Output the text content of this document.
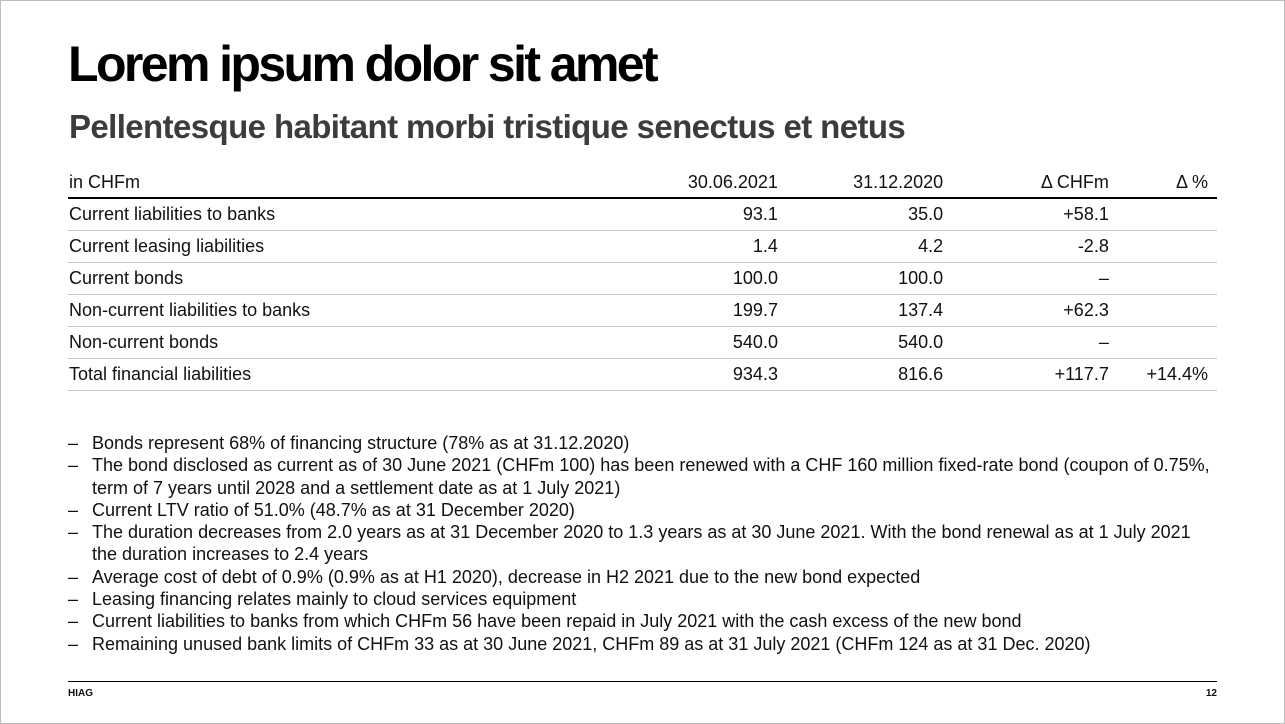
Lorem ipsum dolor sit amet
Pellentesque habitant morbi tristique senectus et netus
in CHFm	30.06.2021	31.12.2020	Δ CHFm	Δ %
Current liabilities to banks	93.1	35.0	+58.1	
Current leasing liabilities	1.4	4.2	-2.8	
Current bonds	100.0	100.0	–	
Non-current liabilities to banks	199.7	137.4	+62.3	
Non-current bonds	540.0	540.0	–	
Total financial liabilities	934.3	816.6	+117.7	+14.4%
– Bonds represent 68% of financing structure (78% as at 31.12.2020)
– The bond disclosed as current as of 30 June 2021 (CHFm 100) has been renewed with a CHF 160 million fixed-rate bond (coupon of 0.75%, term of 7 years until 2028 and a settlement date as at 1 July 2021)
– Current LTV ratio of 51.0% (48.7% as at 31 December 2020)
– The duration decreases from 2.0 years as at 31 December 2020 to 1.3 years as at 30 June 2021. With the bond renewal as at 1 July 2021 the duration increases to 2.4 years
– Average cost of debt of 0.9% (0.9% as at H1 2020), decrease in H2 2021 due to the new bond expected
– Leasing financing relates mainly to cloud services equipment
– Current liabilities to banks from which CHFm 56 have been repaid in July 2021 with the cash excess of the new bond
– Remaining unused bank limits of CHFm 33 as at 30 June 2021, CHFm 89 as at 31 July 2021 (CHFm 124 as at 31 Dec. 2020)
HIAG	12
